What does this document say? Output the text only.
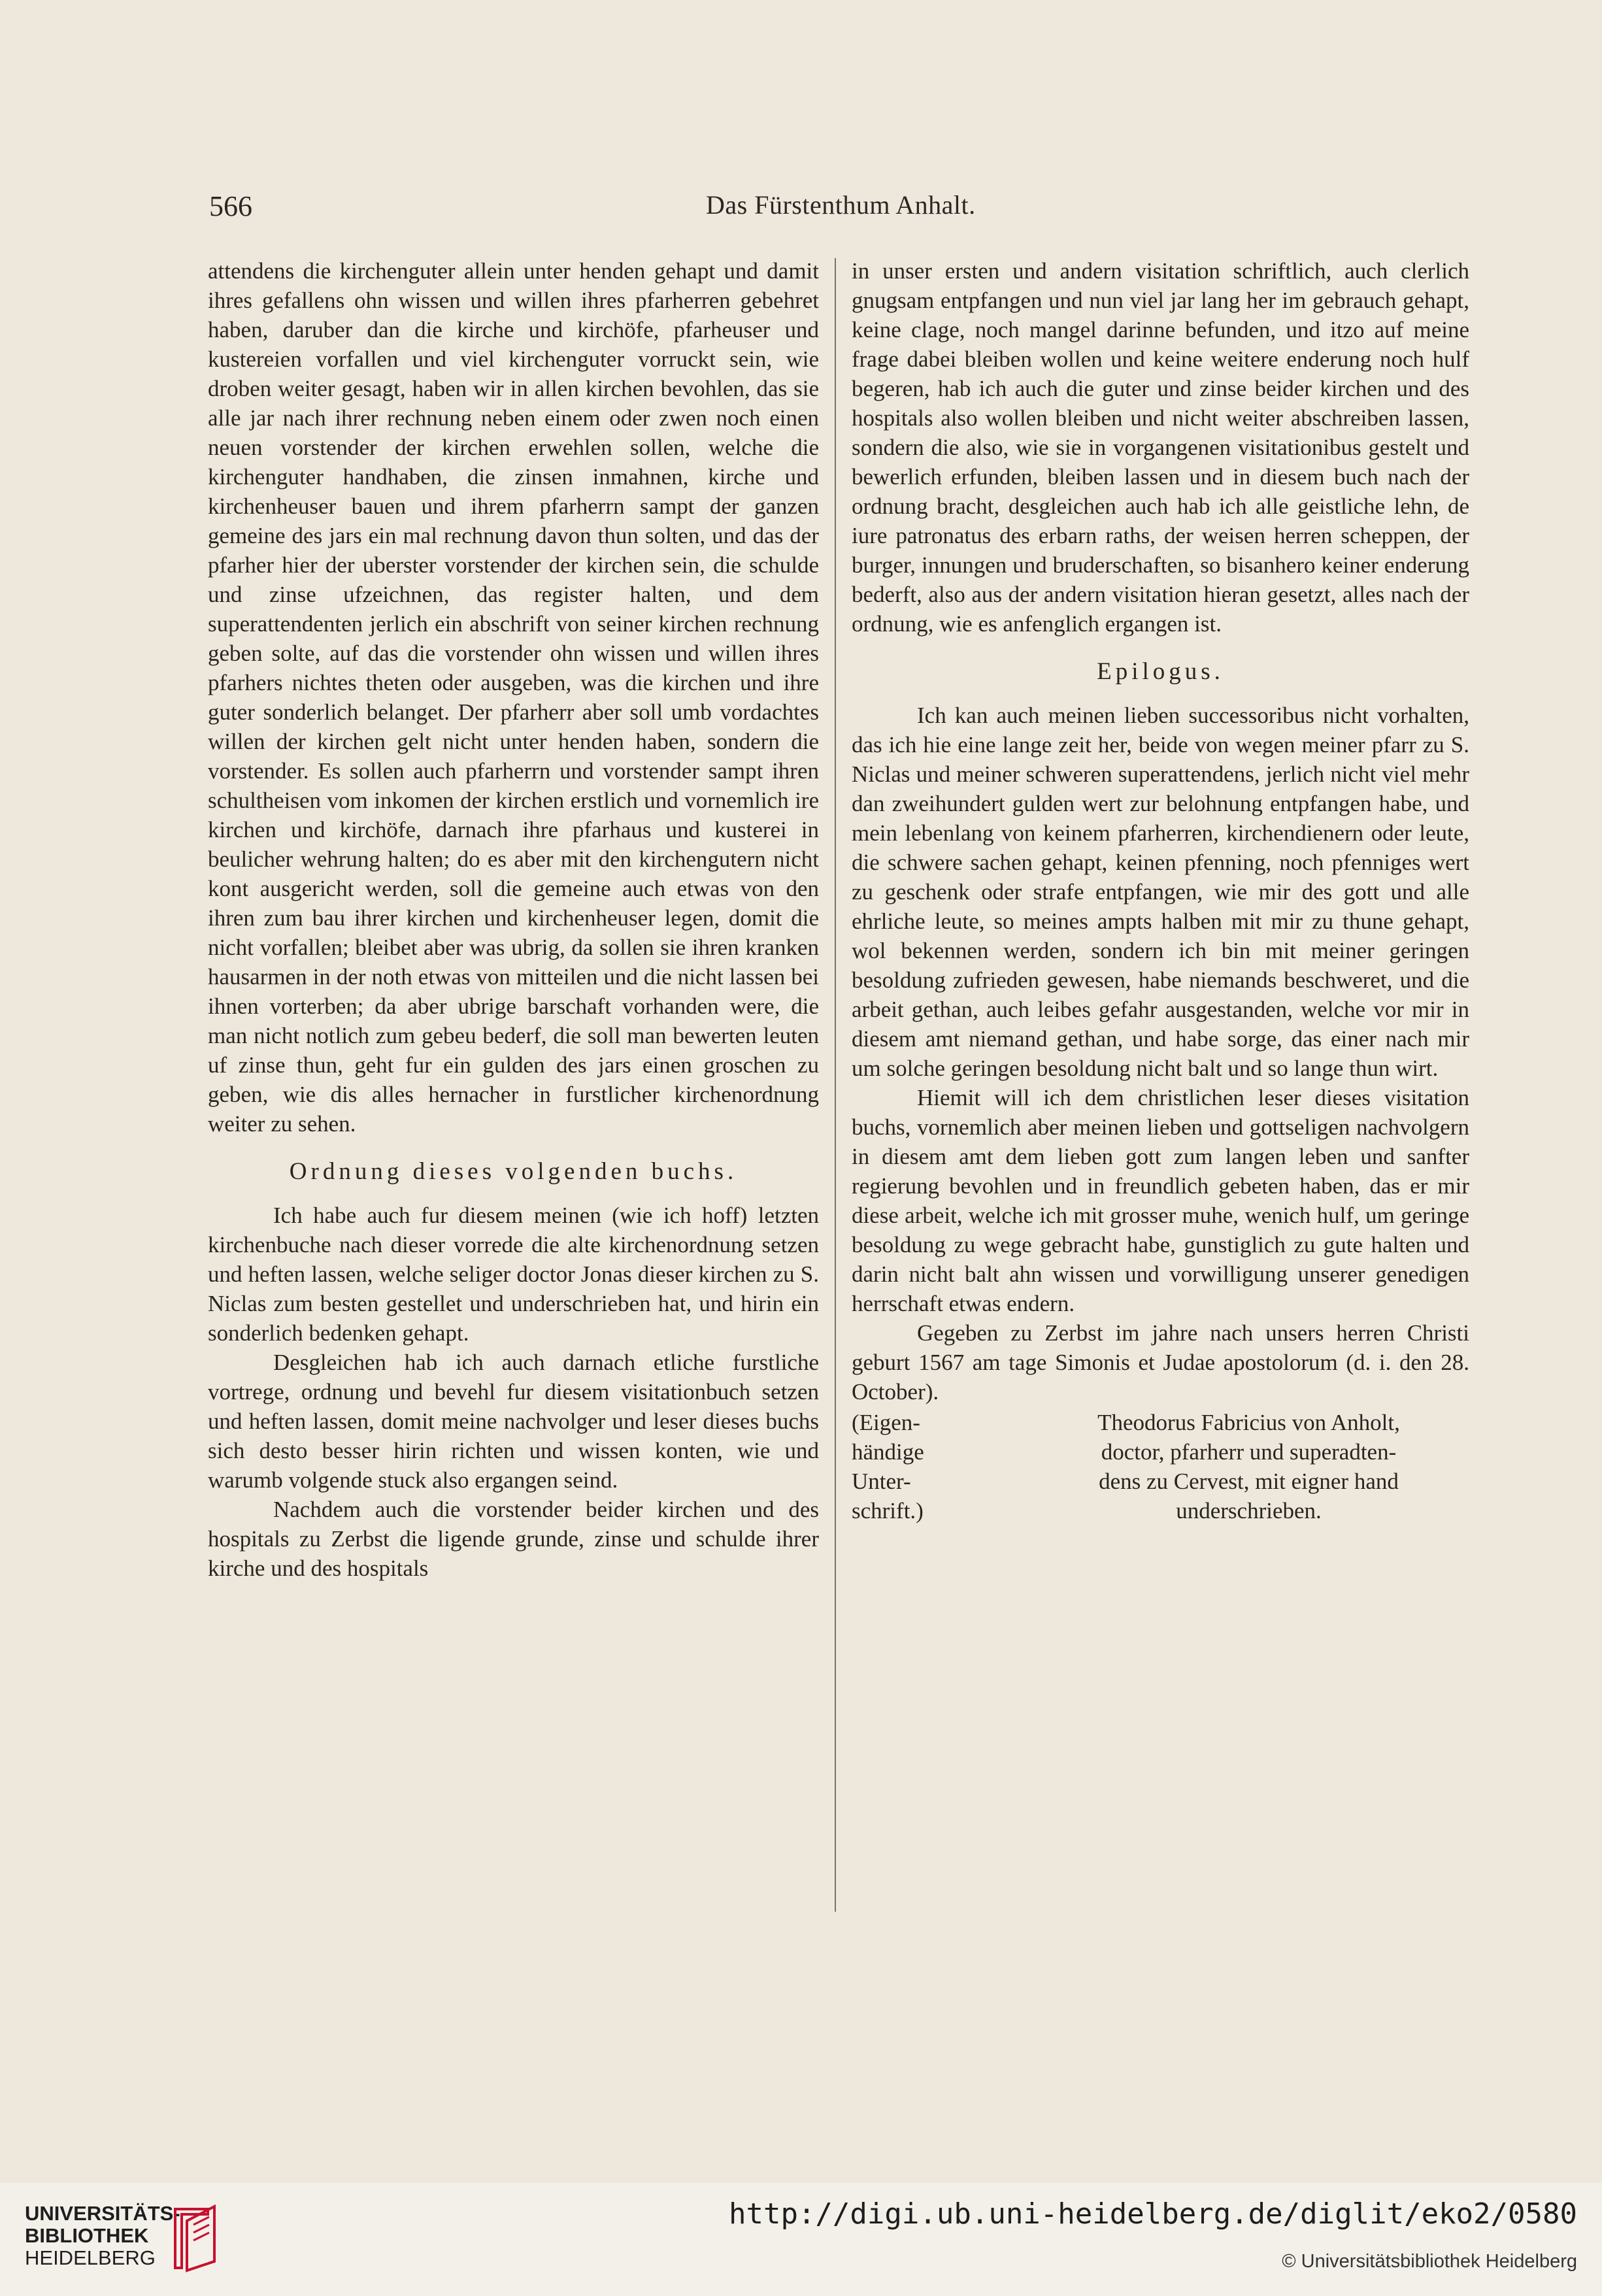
566	Das Fürstenthum Anhalt.

attendens die kirchenguter allein unter henden gehapt und damit ihres gefallens ohn wissen und willen ihres pfarherren gebehret haben, daruber dan die kirche und kirchöfe, pfarheuser und kustereien vorfallen und viel kirchenguter vorruckt sein, wie droben weiter gesagt, haben wir in allen kirchen bevohlen, das sie alle jar nach ihrer rechnung neben einem oder zwen noch einen neuen vorstender der kirchen erwehlen sollen, welche die kirchenguter handhaben, die zinsen inmahnen, kirche und kirchenheuser bauen und ihrem pfarherrn sampt der ganzen gemeine des jars ein mal rechnung davon thun solten, und das der pfarher hier der uberster vorstender der kirchen sein, die schulde und zinse ufzeichnen, das register halten, und dem superattendenten jerlich ein abschrift von seiner kirchen rechnung geben solte, auf das die vorstender ohn wissen und willen ihres pfarhers nichtes theten oder ausgeben, was die kirchen und ihre guter sonderlich belanget. Der pfarherr aber soll umb vordachtes willen der kirchen gelt nicht unter henden haben, sondern die vorstender. Es sollen auch pfarherrn und vorstender sampt ihren schultheisen vom inkomen der kirchen erstlich und vornemlich ire kirchen und kirchöfe, darnach ihre pfarhaus und kusterei in beulicher wehrung halten; do es aber mit den kirchengutern nicht kont ausgericht werden, soll die gemeine auch etwas von den ihren zum bau ihrer kirchen und kirchenheuser legen, domit die nicht vorfallen; bleibet aber was ubrig, da sollen sie ihren kranken hausarmen in der noth etwas von mitteilen und die nicht lassen bei ihnen vorterben; da aber ubrige barschaft vorhanden were, die man nicht notlich zum gebeu bederf, die soll man bewerten leuten uf zinse thun, geht fur ein gulden des jars einen groschen zu geben, wie dis alles hernacher in furstlicher kirchenordnung weiter zu sehen.

Ordnung dieses volgenden buchs.

Ich habe auch fur diesem meinen (wie ich hoff) letzten kirchenbuche nach dieser vorrede die alte kirchenordnung setzen und heften lassen, welche seliger doctor Jonas dieser kirchen zu S. Niclas zum besten gestellet und underschrieben hat, und hirin ein sonderlich bedenken gehapt.

Desgleichen hab ich auch darnach etliche furstliche vortrege, ordnung und bevehl fur diesem visitationbuch setzen und heften lassen, domit meine nachvolger und leser dieses buchs sich desto besser hirin richten und wissen konten, wie und warumb volgende stuck also ergangen seind.

Nachdem auch die vorstender beider kirchen und des hospitals zu Zerbst die ligende grunde, zinse und schulde ihrer kirche und des hospitals

in unser ersten und andern visitation schriftlich, auch clerlich gnugsam entpfangen und nun viel jar lang her im gebrauch gehapt, keine clage, noch mangel darinne befunden, und itzo auf meine frage dabei bleiben wollen und keine weitere enderung noch hulf begeren, hab ich auch die guter und zinse beider kirchen und des hospitals also wollen bleiben und nicht weiter abschreiben lassen, sondern die also, wie sie in vorgangenen visitationibus gestelt und bewerlich erfunden, bleiben lassen und in diesem buch nach der ordnung bracht, desgleichen auch hab ich alle geistliche lehn, de iure patronatus des erbarn raths, der weisen herren scheppen, der burger, innungen und bruderschaften, so bisanhero keiner enderung bederft, also aus der andern visitation hieran gesetzt, alles nach der ordnung, wie es anfenglich ergangen ist.

Epilogus.

Ich kan auch meinen lieben successoribus nicht vorhalten, das ich hie eine lange zeit her, beide von wegen meiner pfarr zu S. Niclas und meiner schweren superattendens, jerlich nicht viel mehr dan zweihundert gulden wert zur belohnung entpfangen habe, und mein lebenlang von keinem pfarherren, kirchendienern oder leute, die schwere sachen gehapt, keinen pfenning, noch pfenniges wert zu geschenk oder strafe entpfangen, wie mir des gott und alle ehrliche leute, so meines ampts halben mit mir zu thune gehapt, wol bekennen werden, sondern ich bin mit meiner geringen besoldung zufrieden gewesen, habe niemands beschweret, und die arbeit gethan, auch leibes gefahr ausgestanden, welche vor mir in diesem amt niemand gethan, und habe sorge, das einer nach mir um solche geringen besoldung nicht balt und so lange thun wirt.

Hiemit will ich dem christlichen leser dieses visitation buchs, vornemlich aber meinen lieben und gottseligen nachvolgern in diesem amt dem lieben gott zum langen leben und sanfter regierung bevohlen und in freundlich gebeten haben, das er mir diese arbeit, welche ich mit grosser muhe, wenich hulf, um geringe besoldung zu wege gebracht habe, gunstiglich zu gute halten und darin nicht balt ahn wissen und vorwilligung unserer genedigen herrschaft etwas endern.

Gegeben zu Zerbst im jahre nach unsers herren Christi geburt 1567 am tage Simonis et Judae apostolorum (d. i. den 28. October).

(Eigen-
händige
Unter-
schrift.)
Theodorus Fabricius von Anholt,
doctor, pfarherr und superadten-
dens zu Cervest, mit eigner hand
underschrieben.
UNIVERSITÄTS-
BIBLIOTHEK
HEIDELBERG
http://digi.ub.uni-heidelberg.de/diglit/eko2/0580
© Universitätsbibliothek Heidelberg
